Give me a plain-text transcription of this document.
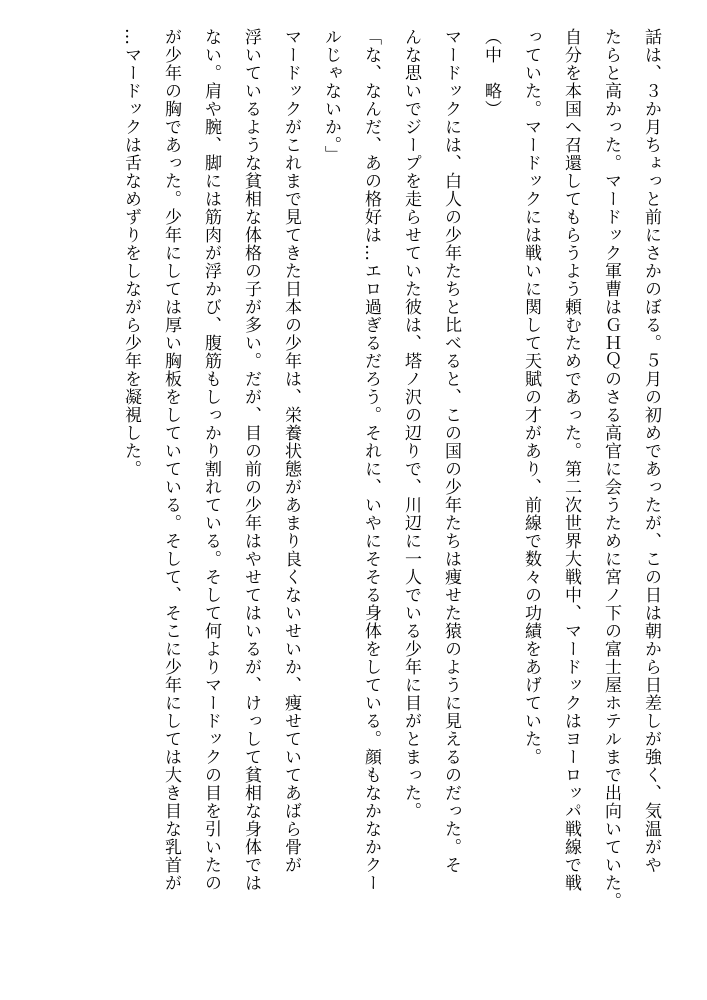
話は、３か月ちょっと前にさかのぼる。５月の初めであったが、この日は朝から日差しが強く、気温がや
たらと高かった。マードック軍曹はＧＨＱのさる高官に会うために宮ノ下の富士屋ホテルまで出向いていた。
自分を本国へ召還してもらうよう頼むためであった。第二次世界大戦中、マードックはヨーロッパ戦線で戦
っていた。マードックには戦いに関して天賦の才があり、前線で数々の功績をあげていた。
（中　略）
マードックには、白人の少年たちと比べると、この国の少年たちは痩せた猿のように見えるのだった。そ
んな思いでジープを走らせていた彼は、塔ノ沢の辺りで、川辺に一人でいる少年に目がとまった。
「な、なんだ、あの格好は…エロ過ぎるだろう。それに、いやにそそる身体をしている。顔もなかなかクー
ルじゃないか。」
マードックがこれまで見てきた日本の少年は、栄養状態があまり良くないせいか、痩せていてあばら骨が
浮いているような貧相な体格の子が多い。だが、目の前の少年はやせてはいるが、けっして貧相な身体では
ない。肩や腕、脚には筋肉が浮かび、腹筋もしっかり割れている。そして何よりマードックの目を引いたの
が少年の胸であった。少年にしては厚い胸板をしていている。そして、そこに少年にしては大き目な乳首が
…マードックは舌なめずりをしながら少年を凝視した。
